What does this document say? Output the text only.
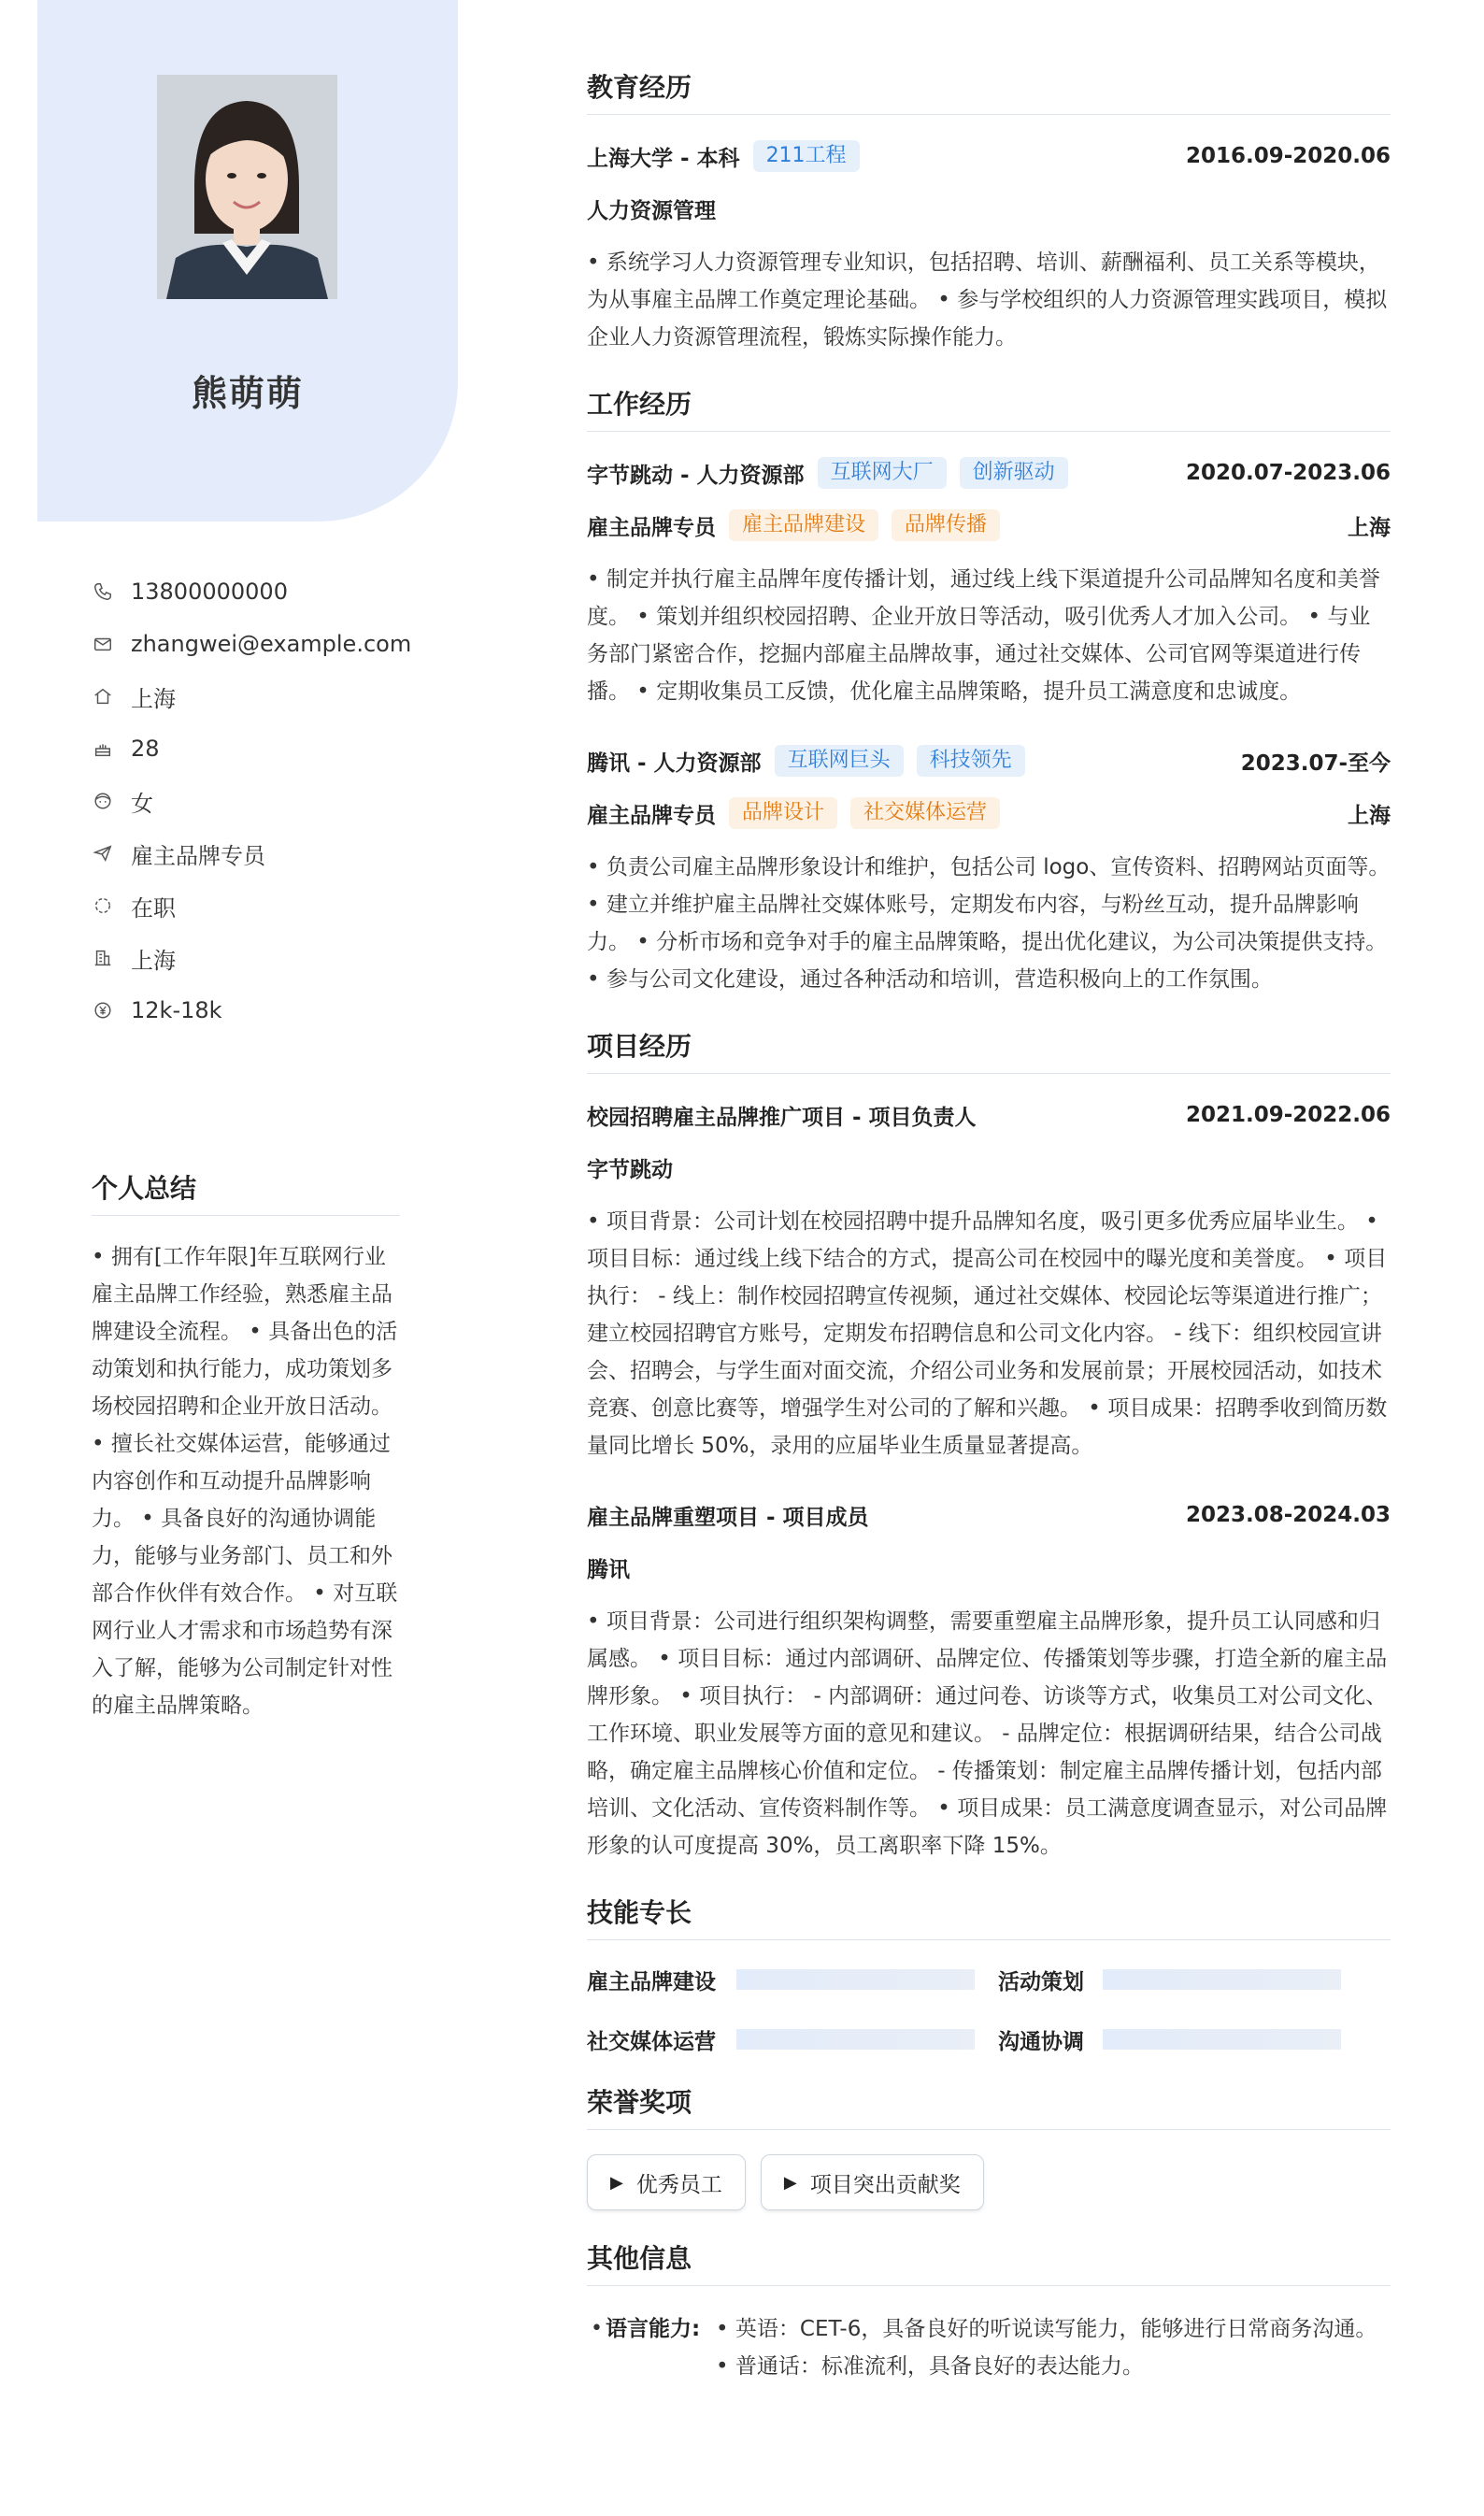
熊萌萌
13800000000
zhangwei@example.com
上海
28
女
雇主品牌专员
在职
上海
12k-18k
个人总结
• 拥有[工作年限]年互联网行业雇主品牌工作经验，熟悉雇主品牌建设全流程。 • 具备出色的活动策划和执行能力，成功策划多场校园招聘和企业开放日活动。 • 擅长社交媒体运营，能够通过内容创作和互动提升品牌影响力。 • 具备良好的沟通协调能力，能够与业务部门、员工和外部合作伙伴有效合作。 • 对互联网行业人才需求和市场趋势有深入了解，能够为公司制定针对性的雇主品牌策略。
教育经历
上海大学 - 本科	211工程	2016.09-2020.06
人力资源管理
• 系统学习人力资源管理专业知识，包括招聘、培训、薪酬福利、员工关系等模块，为从事雇主品牌工作奠定理论基础。 • 参与学校组织的人力资源管理实践项目，模拟企业人力资源管理流程，锻炼实际操作能力。
工作经历
字节跳动 - 人力资源部	互联网大厂	创新驱动	2020.07-2023.06
雇主品牌专员	雇主品牌建设	品牌传播	上海
• 制定并执行雇主品牌年度传播计划，通过线上线下渠道提升公司品牌知名度和美誉度。 • 策划并组织校园招聘、企业开放日等活动，吸引优秀人才加入公司。 • 与业务部门紧密合作，挖掘内部雇主品牌故事，通过社交媒体、公司官网等渠道进行传播。 • 定期收集员工反馈，优化雇主品牌策略，提升员工满意度和忠诚度。
腾讯 - 人力资源部	互联网巨头	科技领先	2023.07-至今
雇主品牌专员	品牌设计	社交媒体运营	上海
• 负责公司雇主品牌形象设计和维护，包括公司 logo、宣传资料、招聘网站页面等。 • 建立并维护雇主品牌社交媒体账号，定期发布内容，与粉丝互动，提升品牌影响力。 • 分析市场和竞争对手的雇主品牌策略，提出优化建议，为公司决策提供支持。 • 参与公司文化建设，通过各种活动和培训，营造积极向上的工作氛围。
项目经历
校园招聘雇主品牌推广项目 - 项目负责人	2021.09-2022.06
字节跳动
• 项目背景：公司计划在校园招聘中提升品牌知名度，吸引更多优秀应届毕业生。 • 项目目标：通过线上线下结合的方式，提高公司在校园中的曝光度和美誉度。 • 项目执行： - 线上：制作校园招聘宣传视频，通过社交媒体、校园论坛等渠道进行推广；建立校园招聘官方账号，定期发布招聘信息和公司文化内容。 - 线下：组织校园宣讲会、招聘会，与学生面对面交流，介绍公司业务和发展前景；开展校园活动，如技术竞赛、创意比赛等，增强学生对公司的了解和兴趣。 • 项目成果：招聘季收到简历数量同比增长 50%，录用的应届毕业生质量显著提高。
雇主品牌重塑项目 - 项目成员	2023.08-2024.03
腾讯
• 项目背景：公司进行组织架构调整，需要重塑雇主品牌形象，提升员工认同感和归属感。 • 项目目标：通过内部调研、品牌定位、传播策划等步骤，打造全新的雇主品牌形象。 • 项目执行： - 内部调研：通过问卷、访谈等方式，收集员工对公司文化、工作环境、职业发展等方面的意见和建议。 - 品牌定位：根据调研结果，结合公司战略，确定雇主品牌核心价值和定位。 - 传播策划：制定雇主品牌传播计划，包括内部培训、文化活动、宣传资料制作等。 • 项目成果：员工满意度调查显示，对公司品牌形象的认可度提高 30%，员工离职率下降 15%。
技能专长
雇主品牌建设	活动策划
社交媒体运营	沟通协调
荣誉奖项
▶ 优秀员工	▶ 项目突出贡献奖
其他信息
• 语言能力: • 英语：CET-6，具备良好的听说读写能力，能够进行日常商务沟通。 • 普通话：标准流利，具备良好的表达能力。
